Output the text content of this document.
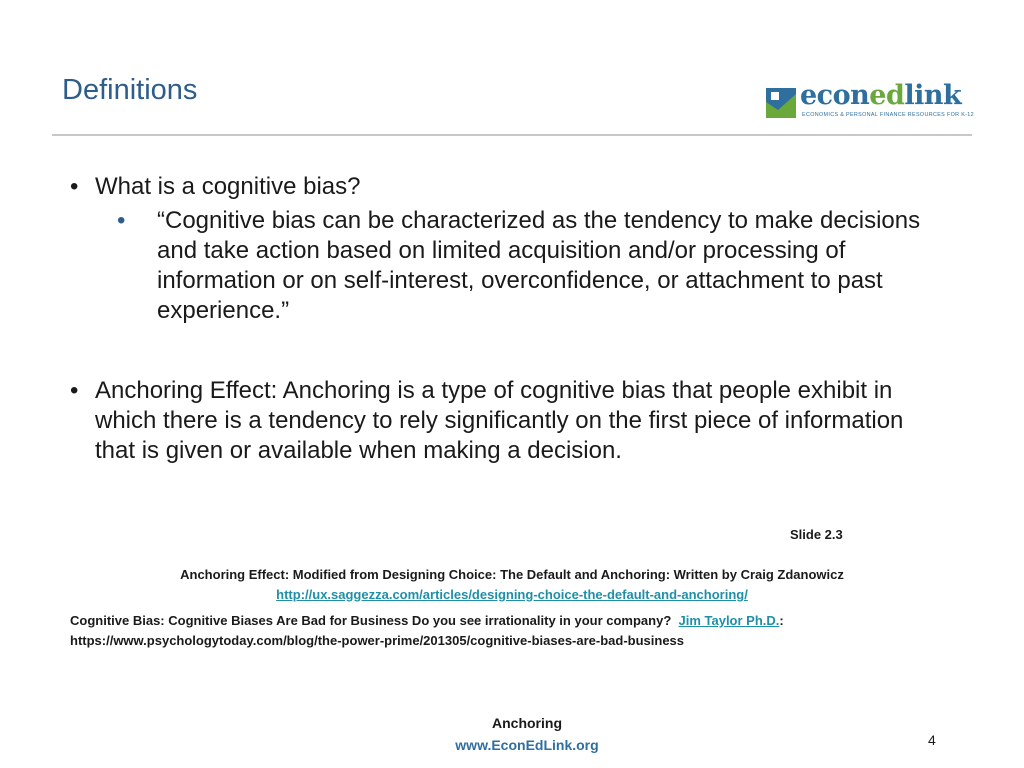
Definitions	econedlink
ECONOMICS & PERSONAL FINANCE RESOURCES FOR K-12
• What is a cognitive bias?
• “Cognitive bias can be characterized as the tendency to make decisions and take action based on limited acquisition and/or processing of information or on self-interest, overconfidence, or attachment to past experience.”
• Anchoring Effect: Anchoring is a type of cognitive bias that people exhibit in which there is a tendency to rely significantly on the first piece of information that is given or available when making a decision.
Slide 2.3
Anchoring Effect: Modified from Designing Choice: The Default and Anchoring: Written by Craig Zdanowicz
http://ux.saggezza.com/articles/designing-choice-the-default-and-anchoring/
Cognitive Bias: Cognitive Biases Are Bad for Business Do you see irrationality in your company?  Jim Taylor Ph.D.:
https://www.psychologytoday.com/blog/the-power-prime/201305/cognitive-biases-are-bad-business
Anchoring
www.EconEdLink.org	4
